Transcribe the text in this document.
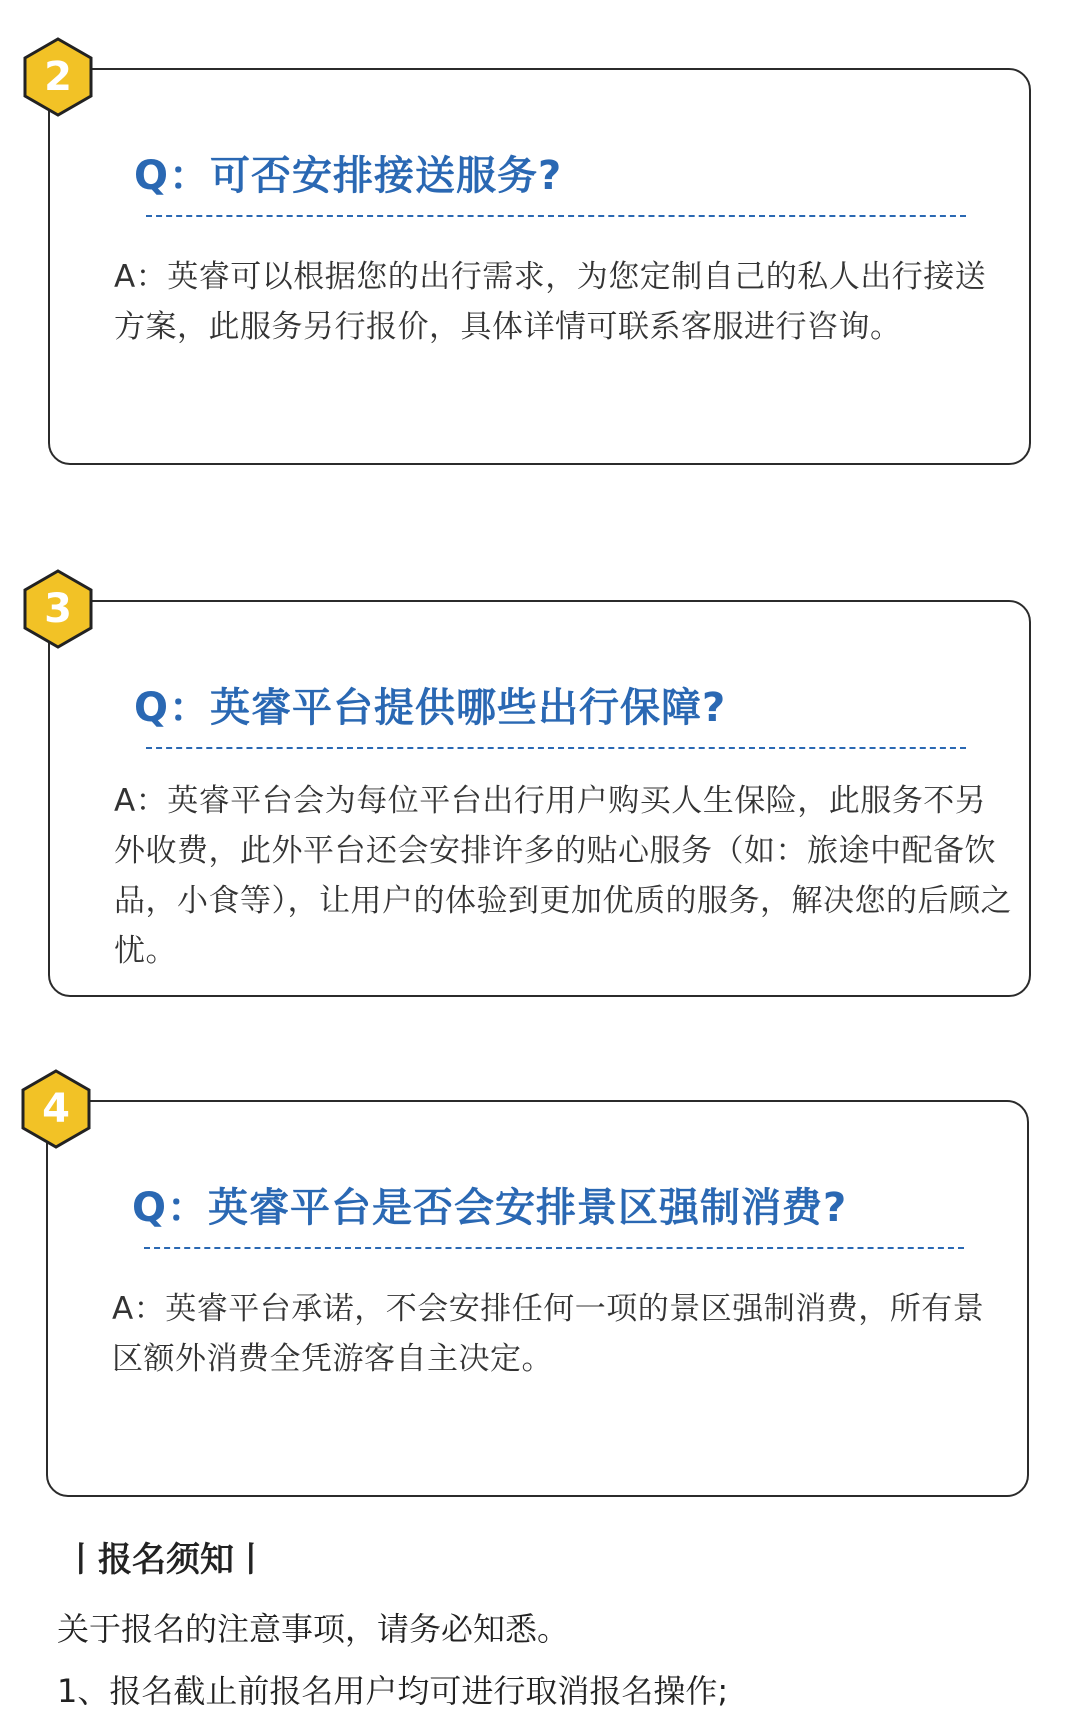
Q：可否安排接送服务?
A：英睿可以根据您的出行需求，为您定制自己的私人出行接送方案，此服务另行报价，具体详情可联系客服进行咨询。
2
Q：英睿平台提供哪些出行保障?
A：英睿平台会为每位平台出行用户购买人生保险，此服务不另外收费，此外平台还会安排许多的贴心服务（如：旅途中配备饮品，小食等），让用户的体验到更加优质的服务，解决您的后顾之忧。
3
Q：英睿平台是否会安排景区强制消费?
A：英睿平台承诺，不会安排任何一项的景区强制消费，所有景区额外消费全凭游客自主决定。
4
丨报名须知丨
关于报名的注意事项，请务必知悉。
1、报名截止前报名用户均可进行取消报名操作;
